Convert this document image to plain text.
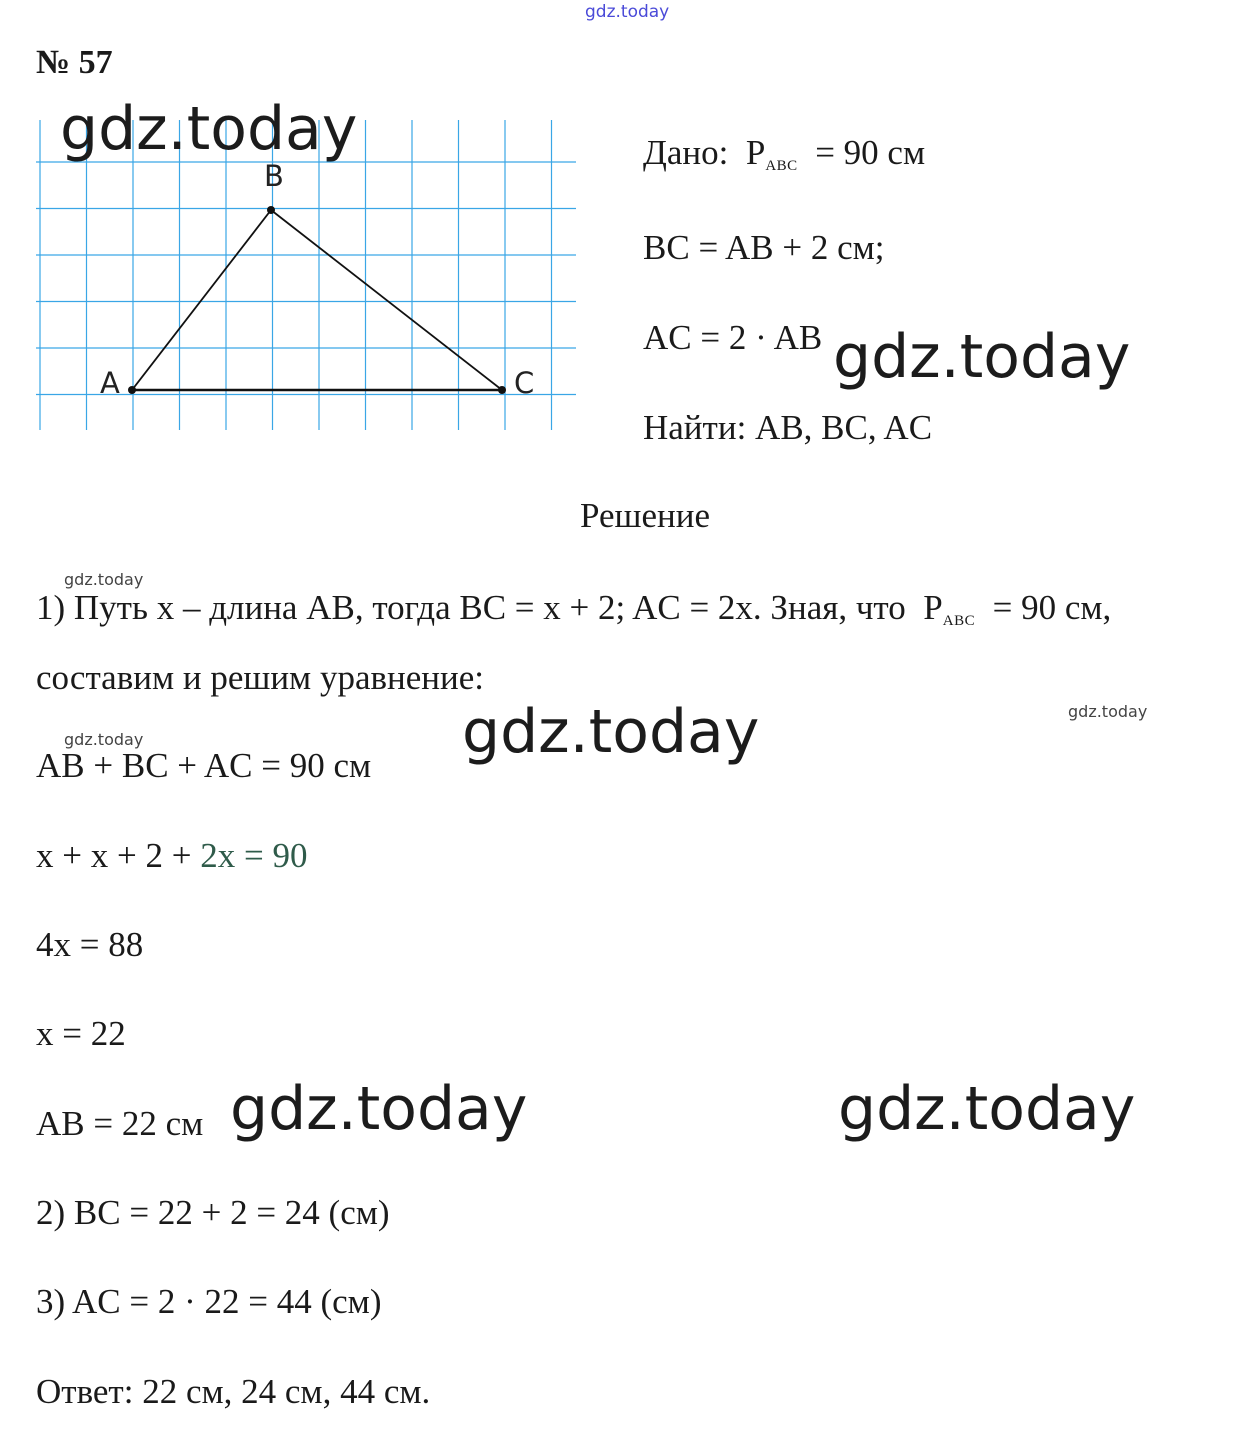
gdz.today
№ 57
A
B
C
gdz.today	Дано: $P_{ABC} = 90$ см
BC = AB + 2 см;
AC = 2 · AB gdz.today
Найти: AB, BC, AC
Решение
gdz.today
1) Путь x – длина AB, тогда BC = x + 2; AC = 2x. Зная, что $P_{ABC} = 90$ см,
составим и решим уравнение:
gdz.today
gdz.today
gdz.today
AB + BC + AC = 90 см
x + x + 2 + 2x = 90
4x = 88
x = 22
AB = 22 см gdz.today	gdz.today
2) BC = 22 + 2 = 24 (см)
3) AC = 2 · 22 = 44 (см)
Ответ: 22 см, 24 см, 44 см.
